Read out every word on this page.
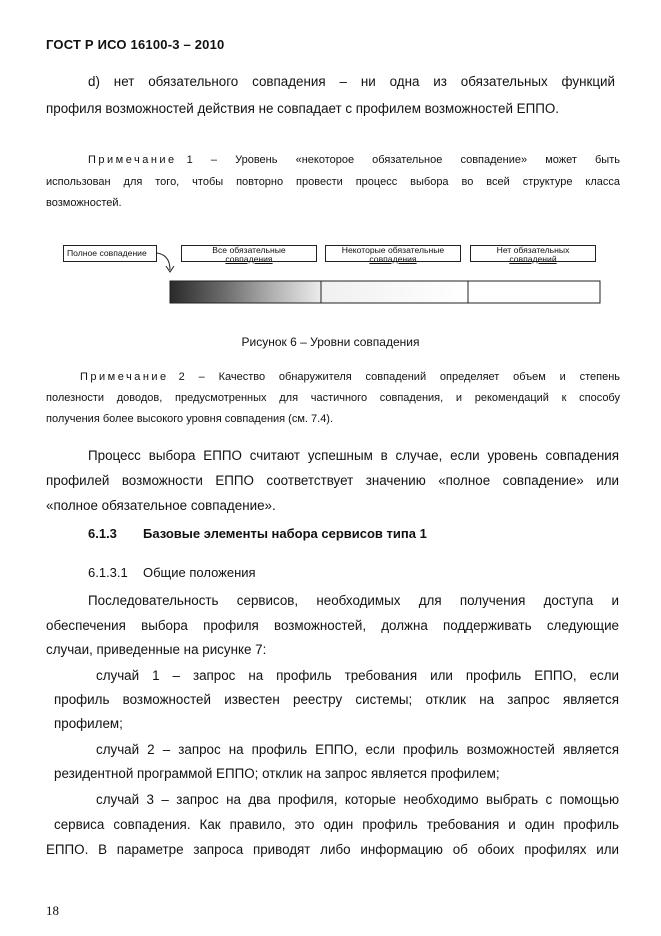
ГОСТ Р ИСО 16100-3 – 2010
d) нет обязательного совпадения – ни одна из обязательных функций
профиля возможностей действия не совпадает с профилем возможностей ЕППО.
Примечание 1 – Уровень «некоторое обязательное совпадение» может быть
использован для того, чтобы повторно провести процесс выбора во всей структуре класса
возможностей.
Полное совпадение	Все обязательные
совпадения
Некоторые обязательные
совпадения
Нет обязательных
совпадений
Рисунок 6 – Уровни совпадения
Примечание 2 – Качество обнаружителя совпадений определяет объем и степень
полезности доводов, предусмотренных для частичного совпадения, и рекомендаций к способу
получения более высокого уровня совпадения (см. 7.4).
Процесс выбора ЕППО считают успешным в случае, если уровень совпадения
профилей возможности ЕППО соответствует значению «полное совпадение» или
«полное обязательное совпадение».
6.1.3 Базовые элементы набора сервисов типа 1
6.1.3.1 Общие положения
Последовательность сервисов, необходимых для получения доступа и
обеспечения выбора профиля возможностей, должна поддерживать следующие
случаи, приведенные на рисунке 7:
случай 1 – запрос на профиль требования или профиль ЕППО, если
профиль возможностей известен реестру системы; отклик на запрос является
профилем;
случай 2 – запрос на профиль ЕППО, если профиль возможностей является
резидентной программой ЕППО; отклик на запрос является профилем;
случай 3 – запрос на два профиля, которые необходимо выбрать с помощью
сервиса совпадения. Как правило, это один профиль требования и один профиль
ЕППО. В параметре запроса приводят либо информацию об обоих профилях или
18
